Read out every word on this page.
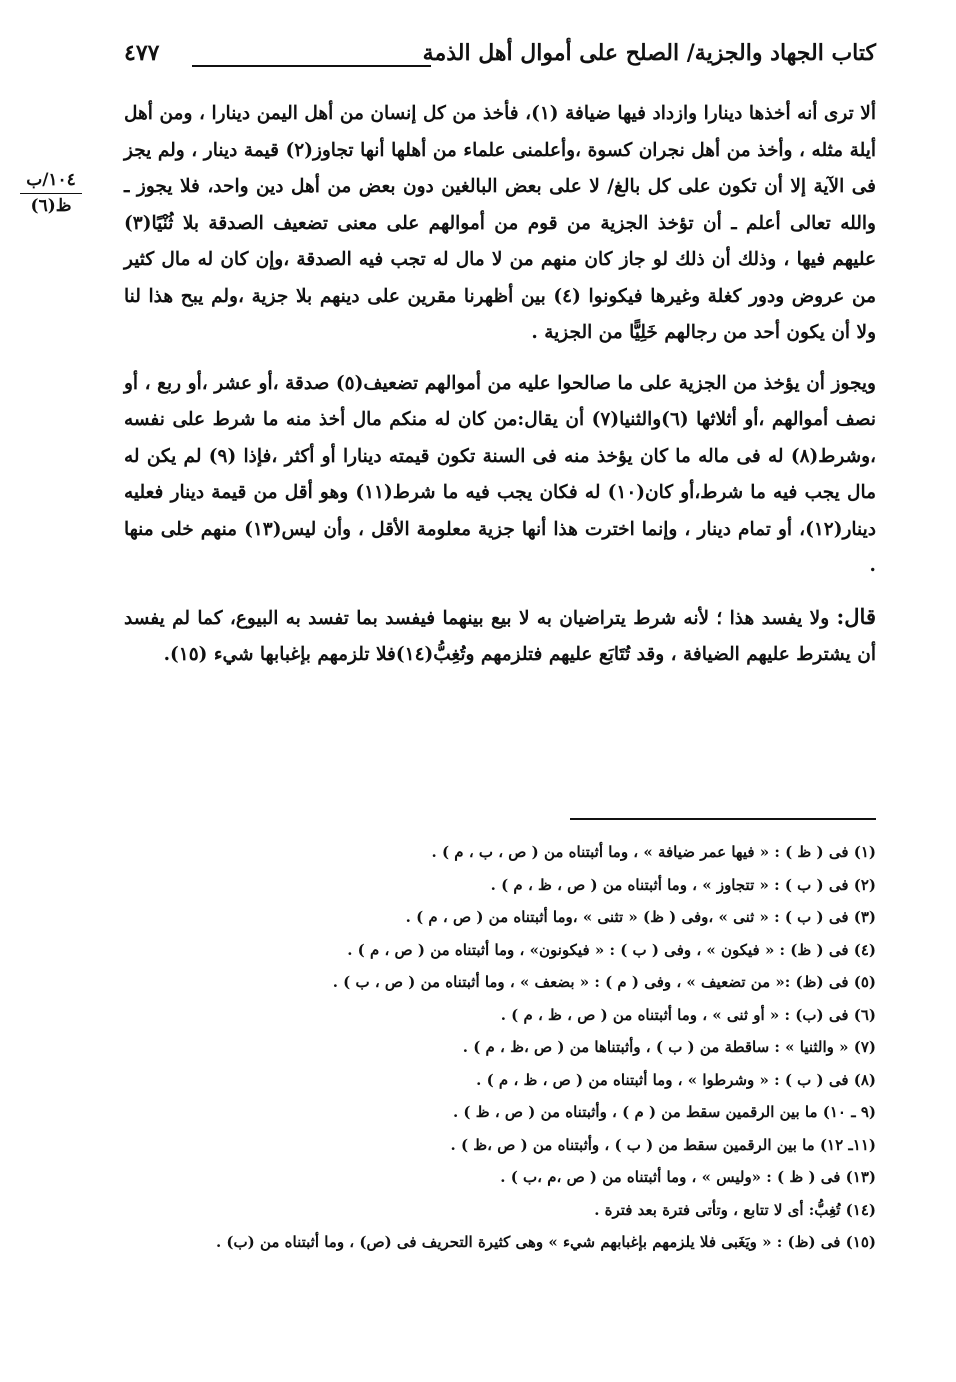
كتاب الجهاد والجزية/ الصلح على أموال أهل الذمة
٤٧٧
١٠٤/ب
ظ(٦)

ألا ترى أنه أخذها دينارا وازداد فيها ضيافة (١)، فأخذ من كل إنسان من أهل اليمن دينارا ، ومن أهل أيلة مثله ، وأخذ من أهل نجران كسوة ،وأعلمنى علماء من أهلها أنها تجاوز(٢) قيمة دينار ، ولم يجز فى الآية إلا أن تكون على كل بالغ/ لا على بعض البالغين دون بعض من أهل دين واحد، فلا يجوز ـ والله تعالى أعلم ـ أن تؤخذ الجزية من قوم من أموالهم على معنى تضعيف الصدقة بلا ثُنْيًا(٣) عليهم فيها ، وذلك أن ذلك لو جاز كان منهم من لا مال له تجب فيه الصدقة ،وإن كان له مال كثير من عروض ودور كغلة وغيرها فيكونوا (٤) بين أظهرنا مقرين على دينهم بلا جزية ،ولم يبح هذا لنا ولا أن يكون أحد من رجالهم خَلِيًّا من الجزية .

ويجوز أن يؤخذ من الجزية على ما صالحوا عليه من أموالهم تضعيف(٥) صدقة ،أو عشر ،أو ربع ، أو نصف أموالهم ،أو أثلاثها (٦)والثنيا(٧) أن يقال:من كان له منكم مال أخذ منه ما شرط على نفسه ،وشرط(٨) له فى ماله ما كان يؤخذ منه فى السنة تكون قيمته دينارا أو أكثر ،فإذا (٩) لم يكن له مال يجب فيه ما شرط،أو كان(١٠) له فكان يجب فيه ما شرط(١١) وهو أقل من قيمة دينار فعليه دينار(١٢)، أو تمام دينار ، وإنما اخترت هذا أنها جزية معلومة الأقل ، وأن ليس(١٣) منهم خلى منها .

قال: ولا يفسد هذا ؛ لأنه شرط يتراضيان به لا بيع بينهما فيفسد بما تفسد به البيوع، كما لم يفسد أن يشترط عليهم الضيافة ، وقد تُتَابَع عليهم فتلزمهم وتُغِبُّ(١٤)فلا تلزمهم بإغبابها شيء (١٥).

(١) فى ( ظ ) : « فيها عمر ضيافة » ، وما أثبتناه من ( ص ، ب ، م ) .
(٢) فى ( ب ) : « تتجاوز » ، وما أثبتناه من ( ص ، ظ ، م ) .
(٣) فى ( ب ) : « ثنى » ،وفى ( ظ) « تثنى » ،وما أثبتناه من ( ص ، م ) .
(٤) فى ( ظ) : « فيكون » ، وفى ( ب ) : « فيكونون» ، وما أثبتناه من ( ص ، م ) .
(٥) فى (ظ) :« من تضعيف » ، وفى ( م ) : « بضعف » ، وما أثبتناه من ( ص ، ب ) .
(٦) فى (ب) : « أو ثنى » ، وما أثبتناه من ( ص ، ظ ، م ) .
(٧) « والثنيا » : ساقطة من ( ب ) ، وأثبتناها من ( ص ،ظ ، م ) .
(٨) فى ( ب ) : « وشرطوا » ، وما أثبتناه من ( ص ، ظ ، م ) .
(٩ ـ ١٠) ما بين الرقمين سقط من ( م ) ، وأثبتناه من ( ص ، ظ ) .
(١١ـ ١٢) ما بين الرقمين سقط من ( ب ) ، وأثبتناه من ( ص ،ظ ) .
(١٣) فى ( ظ ) : «وليس » ، وما أثبتناه من ( ص ،م ،ب ) .
(١٤) تُغِبُّ: أى لا تتابع ، وتأتى فترة بعد فترة .
(١٥) فى (ظ) : « ويَغَبى فلا يلزمهم بإغبابهم شيء » وهى كثيرة التحريف فى (ص) ، وما أثبتناه من (ب) .
